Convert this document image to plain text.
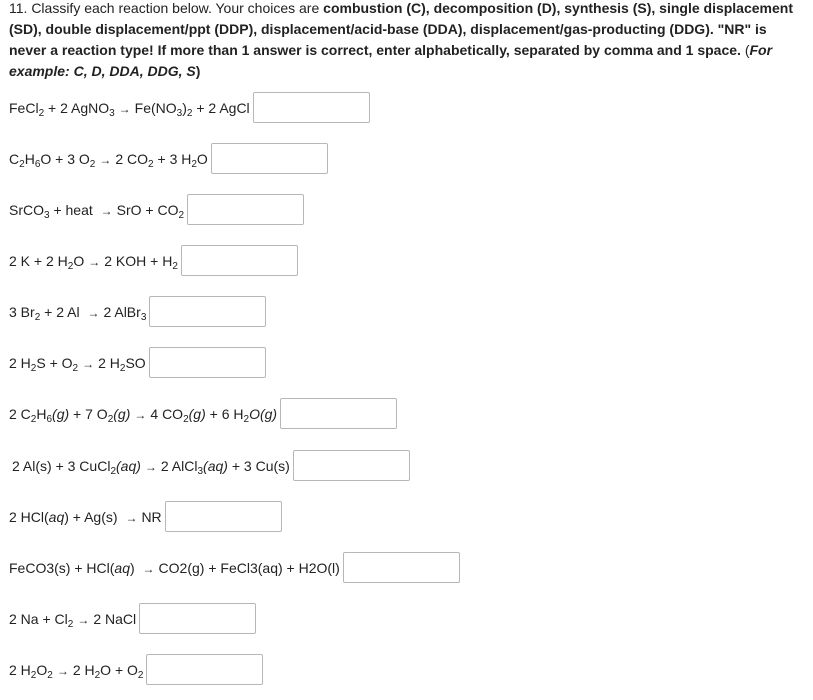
11. Classify each reaction below. Your choices are combustion (C), decomposition (D), synthesis (S), single displacement (SD), double displacement/ppt (DDP), displacement/acid-base (DDA), displacement/gas-producting (DDG). "NR" is never a reaction type! If more than 1 answer is correct, enter alphabetically, separated by comma and 1 space. (For example: C, D, DDA, DDG, S)

FeCl$_2$ + 2 AgNO$_3$ → $Fe(NO_3)_2 + 2$ AgCl
$C_2H_6O + 3$ $O_2 \to 2$ $CO_2 + 3$ $H_2O$
SrCO$_3$ + heat → SrO + $CO_2$
2 K + 2 $H_2O \to 2$ KOH + $H_2$
3 $Br_2 + 2$ Al → 2 AlBr$_3$
2 $H_2S + O_2 \to 2$ $H_2SO$
2 $C_2H_6(g) + 7$ $O_2(g) \to 4$ $CO_2(g) + 6$ $H_2O(g)$
2 Al(s) + 3 CuCl$_2$(aq) → 2 AlCl$_3$(aq) + 3 Cu(s)
2 HCl(aq) + Ag(s) → NR
FeCO3(s) + HCl(aq) → CO2(g) + FeCl3(aq) + H2O(l)
2 $Na + Cl_2 \to 2$ NaCl
2 $H_2O_2 \to 2$ $H_2O + O_2$
